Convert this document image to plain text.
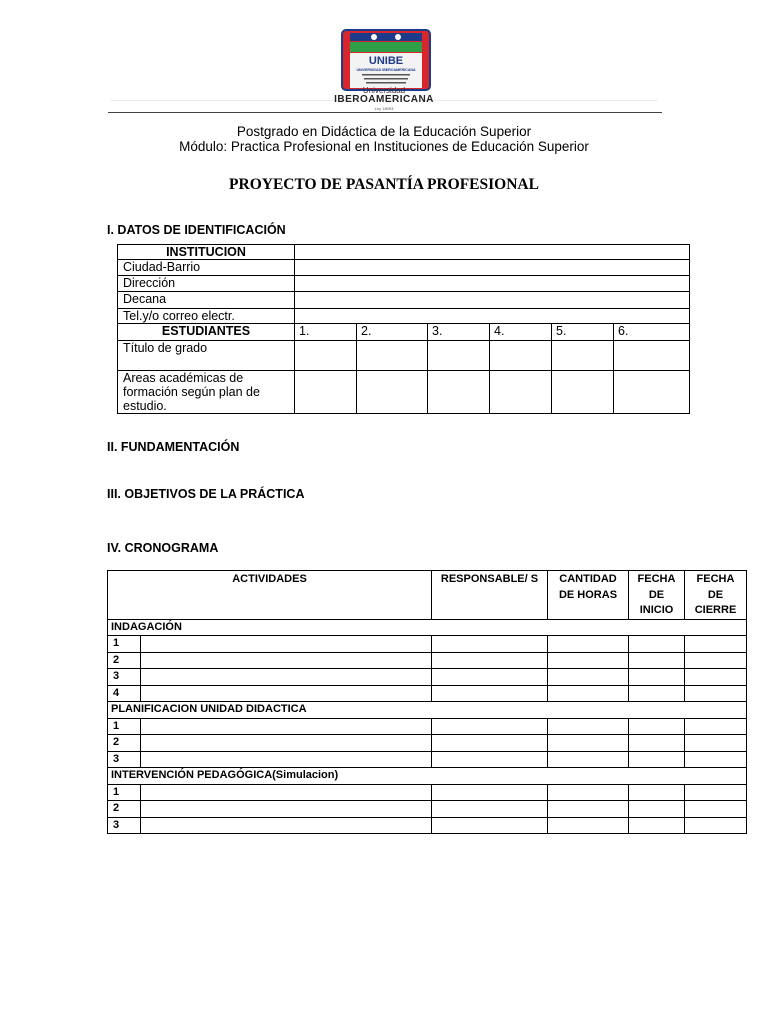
UNIBE
UNIVERSIDAD IBEROAMERICANA
Universidad
IBEROAMERICANA
Ley 18093
Postgrado en Didáctica de la Educación Superior
Módulo: Practica Profesional en Instituciones de Educación Superior
PROYECTO DE PASANTÍA PROFESIONAL
I. DATOS DE IDENTIFICACIÓN
INSTITUCION						
Ciudad-Barrio						
Dirección						
Decana						
Tel.y/o correo electr.						
ESTUDIANTES	1.	2.	3.	4.	5.	6.
Título de grado						
Areas académicas de formación según plan de estudio.						
II. FUNDAMENTACIÓN
III. OBJETIVOS DE LA PRÁCTICA
IV. CRONOGRAMA
ACTIVIDADES		RESPONSABLE/ S	CANTIDAD DE HORAS	FECHA DE INICIO	FECHA DE CIERRE
INDAGACIÓN					
1					
2					
3					
4					
PLANIFICACION UNIDAD DIDACTICA					
1					
2					
3					
INTERVENCIÓN PEDAGÓGICA(Simulacion)					
1					
2					
3					
